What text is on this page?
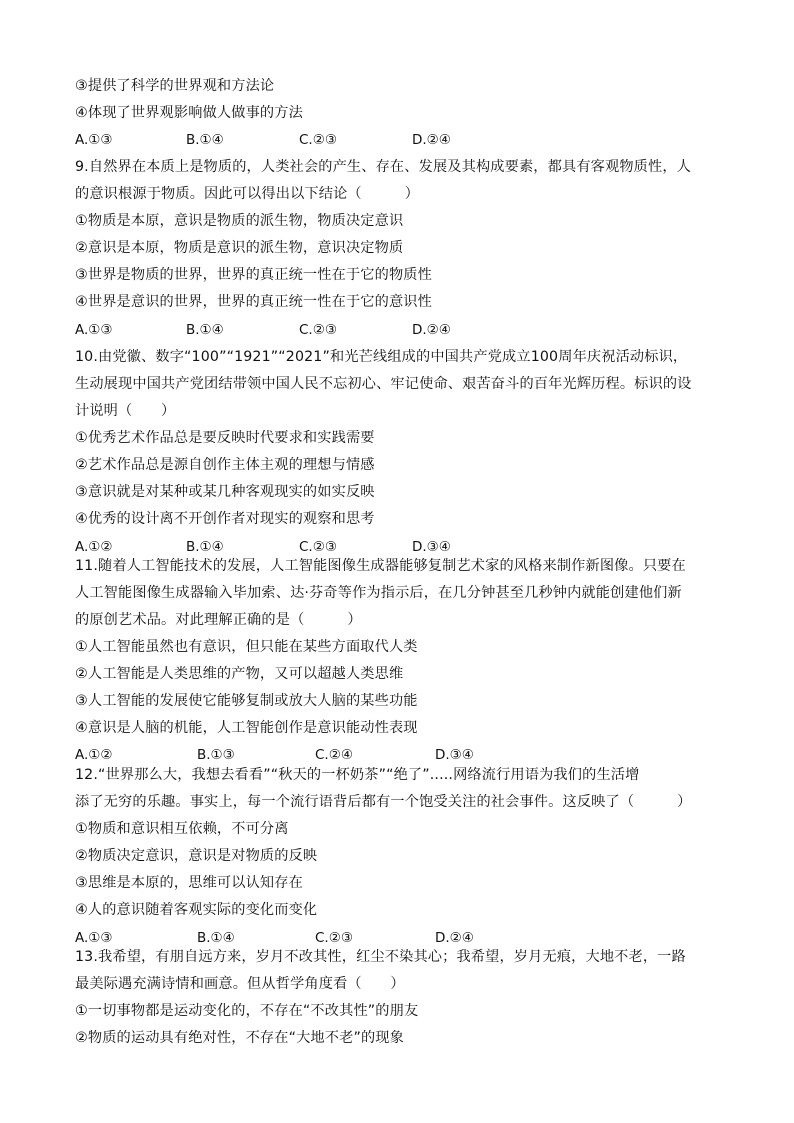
③提供了科学的世界观和方法论
④体现了世界观影响做人做事的方法
A.①③	B.①④	C.②③	D.②④
9.自然界在本质上是物质的，人类社会的产生、存在、发展及其构成要素，都具有客观物质性，人
的意识根源于物质。因此可以得出以下结论（　　　）
①物质是本原，意识是物质的派生物，物质决定意识
②意识是本原，物质是意识的派生物，意识决定物质
③世界是物质的世界，世界的真正统一性在于它的物质性
④世界是意识的世界，世界的真正统一性在于它的意识性
A.①③	B.①④	C.②③	D.②④
10.由党徽、数字“100”“1921”“2021”和光芒线组成的中国共产党成立100周年庆祝活动标识，
生动展现中国共产党团结带领中国人民不忘初心、牢记使命、艰苦奋斗的百年光辉历程。标识的设
计说明（　　）
①优秀艺术作品总是要反映时代要求和实践需要
②艺术作品总是源自创作主体主观的理想与情感
③意识就是对某种或某几种客观现实的如实反映
④优秀的设计离不开创作者对现实的观察和思考
A.①②	B.①④	C.②③	D.③④
11.随着人工智能技术的发展，人工智能图像生成器能够复制艺术家的风格来制作新图像。只要在
人工智能图像生成器输入毕加索、达·芬奇等作为指示后，在几分钟甚至几秒钟内就能创建他们新
的原创艺术品。对此理解正确的是（　　　）
①人工智能虽然也有意识，但只能在某些方面取代人类
②人工智能是人类思维的产物，又可以超越人类思维
③人工智能的发展使它能够复制或放大人脑的某些功能
④意识是人脑的机能，人工智能创作是意识能动性表现
A.①②	B.①③	C.②④	D.③④
12.“世界那么大，我想去看看”“秋天的一杯奶茶”“绝了”.....网络流行用语为我们的生活增
添了无穷的乐趣。事实上，每一个流行语背后都有一个饱受关注的社会事件。这反映了（　　　）
①物质和意识相互依赖，不可分离
②物质决定意识，意识是对物质的反映
③思维是本原的，思维可以认知存在
④人的意识随着客观实际的变化而变化
A.①③	B.①④	C.②③	D.②④
13.我希望，有朋自远方来，岁月不改其性，红尘不染其心；我希望，岁月无痕，大地不老，一路
最美际遇充满诗情和画意。但从哲学角度看（　　）
①一切事物都是运动变化的，不存在“不改其性”的朋友
②物质的运动具有绝对性，不存在“大地不老”的现象
